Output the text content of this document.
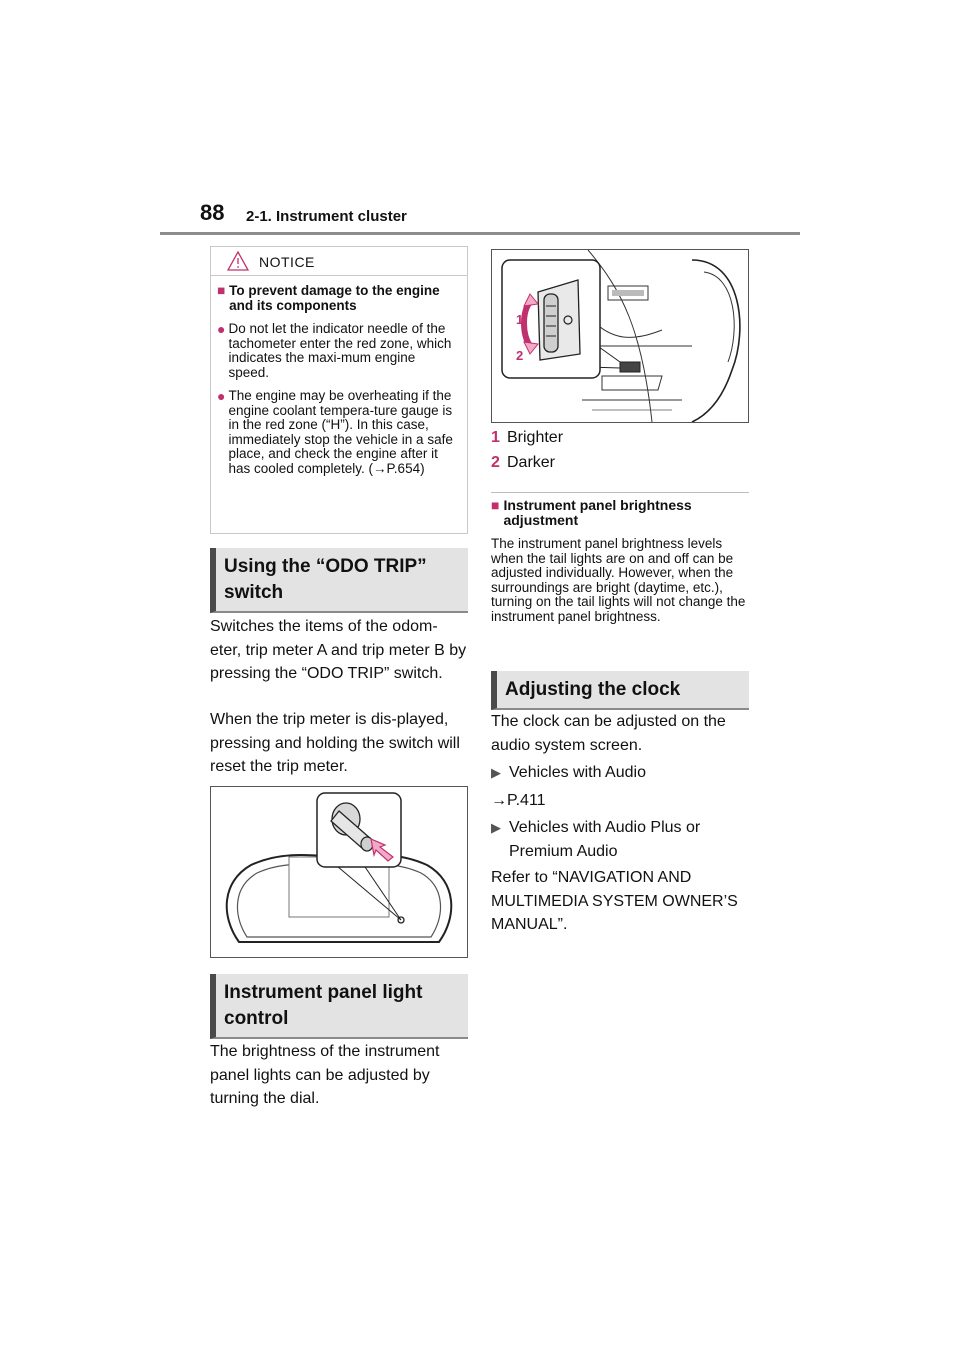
88 2-1. Instrument cluster
NOTICE
■ To prevent damage to the engine and its components
● Do not let the indicator needle of the tachometer enter the red zone, which indicates the maxi-mum engine speed.
● The engine may be overheating if the engine coolant tempera-ture gauge is in the red zone (“H”). In this case, immediately stop the vehicle in a safe place, and check the engine after it has cooled completely. (→P.654)
Using the “ODO TRIP” switch
Switches the items of the odom-eter, trip meter A and trip meter B by pressing the “ODO TRIP” switch.
When the trip meter is dis-played, pressing and holding the switch will reset the trip meter.
Instrument panel light control
The brightness of the instrument panel lights can be adjusted by turning the dial.
1
2
1 Brighter
2 Darker
■ Instrument panel brightness adjustment
The instrument panel brightness levels when the tail lights are on and off can be adjusted individually. However, when the surroundings are bright (daytime, etc.), turning on the tail lights will not change the instrument panel brightness.
Adjusting the clock
The clock can be adjusted on the audio system screen.
▶ Vehicles with Audio
→P.411
▶ Vehicles with Audio Plus or Premium Audio
Refer to “NAVIGATION AND MULTIMEDIA SYSTEM OWNER’S MANUAL”.
